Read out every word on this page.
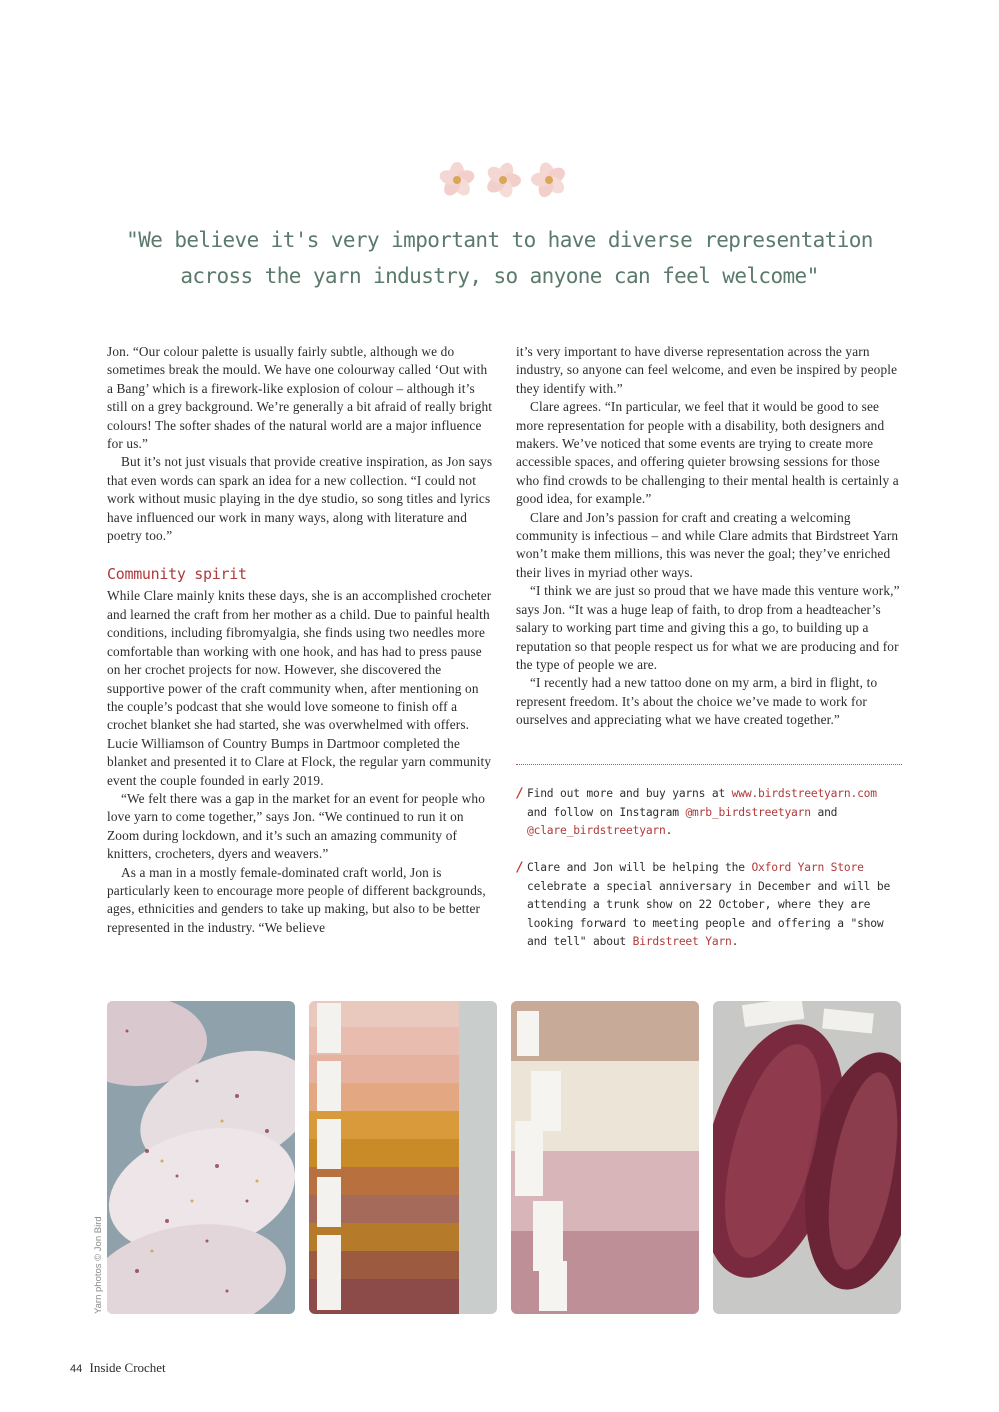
"We believe it's very important to have diverse representation
across the yarn industry, so anyone can feel welcome"

Jon. “Our colour palette is usually fairly subtle, although we do sometimes break the mould. We have one colourway called ‘Out with a Bang’ which is a firework-like explosion of colour – although it’s still on a grey background. We’re generally a bit afraid of really bright colours! The softer shades of the natural world are a major influence for us.”

But it’s not just visuals that provide creative inspiration, as Jon says that even words can spark an idea for a new collection. “I could not work without music playing in the dye studio, so song titles and lyrics have influenced our work in many ways, along with literature and poetry too.”

Community spirit

While Clare mainly knits these days, she is an accomplished crocheter and learned the craft from her mother as a child. Due to painful health conditions, including fibromyalgia, she finds using two needles more comfortable than working with one hook, and has had to press pause on her crochet projects for now. However, she discovered the supportive power of the craft community when, after mentioning on the couple’s podcast that she would love someone to finish off a crochet blanket she had started, she was overwhelmed with offers. Lucie Williamson of Country Bumps in Dartmoor completed the blanket and presented it to Clare at Flock, the regular yarn community event the couple founded in early 2019.

“We felt there was a gap in the market for an event for people who love yarn to come together,” says Jon. “We continued to run it on Zoom during lockdown, and it’s such an amazing community of knitters, crocheters, dyers and weavers.”

As a man in a mostly female-dominated craft world, Jon is particularly keen to encourage more people of different backgrounds, ages, ethnicities and genders to take up making, but also to be better represented in the industry. “We believe

it’s very important to have diverse representation across the yarn industry, so anyone can feel welcome, and even be inspired by people they identify with.”

Clare agrees. “In particular, we feel that it would be good to see more representation for people with a disability, both designers and makers. We’ve noticed that some events are trying to create more accessible spaces, and offering quieter browsing sessions for those who find crowds to be challenging to their mental health is certainly a good idea, for example.”

Clare and Jon’s passion for craft and creating a welcoming community is infectious – and while Clare admits that Birdstreet Yarn won’t make them millions, this was never the goal; they’ve enriched their lives in myriad other ways.

“I think we are just so proud that we have made this venture work,” says Jon. “It was a huge leap of faith, to drop from a headteacher’s salary to working part time and giving this a go, to building up a reputation so that people respect us for what we are producing and for the type of people we are.

“I recently had a new tattoo done on my arm, a bird in flight, to represent freedom. It’s about the choice we’ve made to work for ourselves and appreciating what we have created together.”

/ Find out more and buy yarns at www.birdstreetyarn.com and follow on Instagram @mrb_birdstreetyarn and @clare_birdstreetyarn.
/ Clare and Jon will be helping the Oxford Yarn Store celebrate a special anniversary in December and will be attending a trunk show on 22 October, where they are looking forward to meeting people and offering a "show and tell" about Birdstreet Yarn.
Yarn photos © Jon Bird
44 Inside Crochet
